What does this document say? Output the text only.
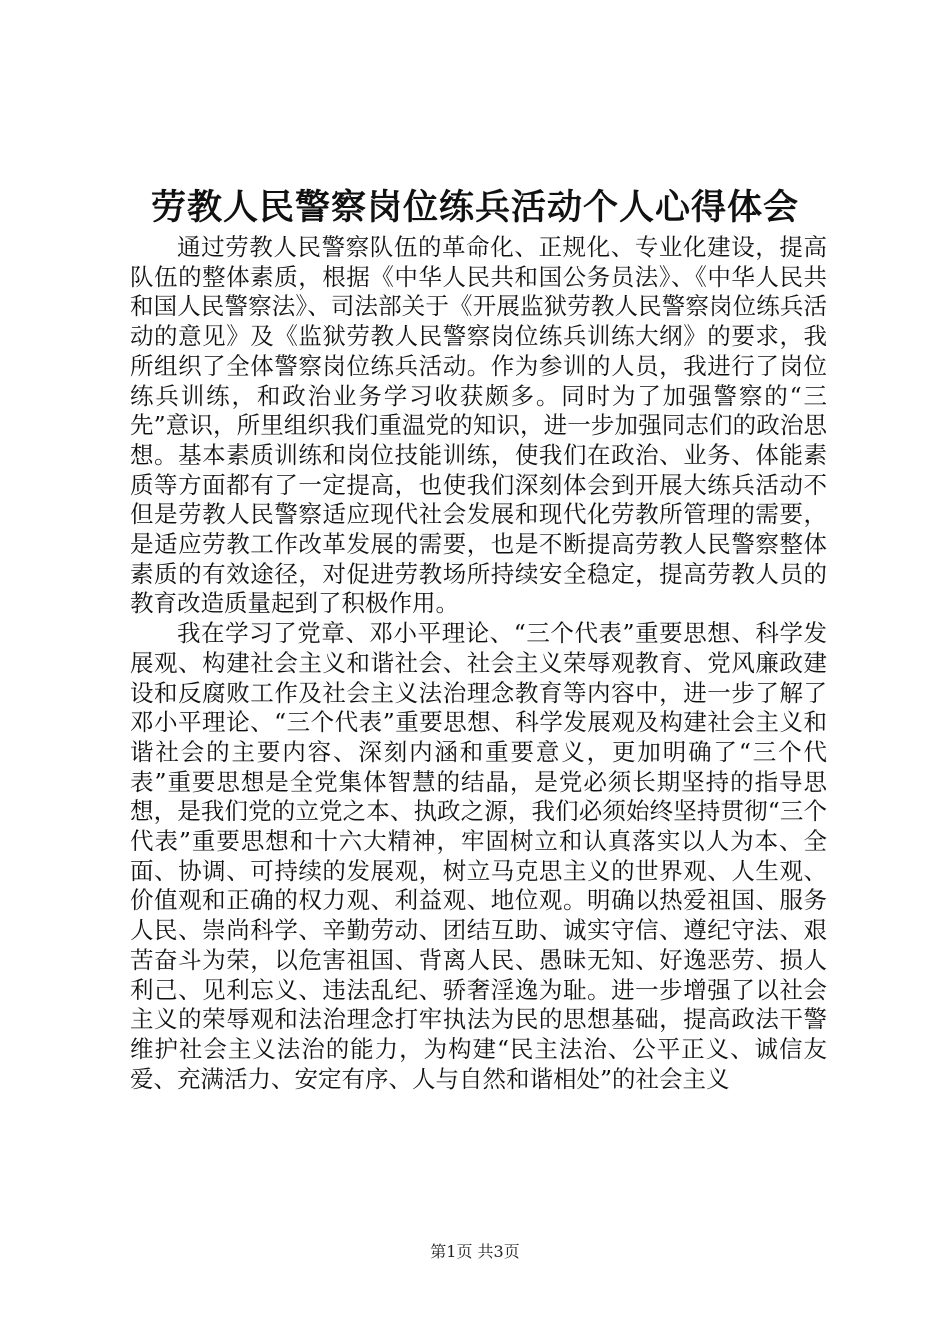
劳教人民警察岗位练兵活动个人心得体会

通过劳教人民警察队伍的革命化、正规化、专业化建设，提高队伍的整体素质，根据《中华人民共和国公务员法》、《中华人民共和国人民警察法》、司法部关于《开展监狱劳教人民警察岗位练兵活动的意见》及《监狱劳教人民警察岗位练兵训练大纲》的要求，我所组织了全体警察岗位练兵活动。作为参训的人员，我进行了岗位练兵训练，和政治业务学习收获颇多。同时为了加强警察的“三先”意识，所里组织我们重温党的知识，进一步加强同志们的政治思想。基本素质训练和岗位技能训练，使我们在政治、业务、体能素质等方面都有了一定提高，也使我们深刻体会到开展大练兵活动不但是劳教人民警察适应现代社会发展和现代化劳教所管理的需要，是适应劳教工作改革发展的需要，也是不断提高劳教人民警察整体素质的有效途径，对促进劳教场所持续安全稳定，提高劳教人员的教育改造质量起到了积极作用。

我在学习了党章、邓小平理论、“三个代表”重要思想、科学发展观、构建社会主义和谐社会、社会主义荣辱观教育、党风廉政建设和反腐败工作及社会主义法治理念教育等内容中，进一步了解了邓小平理论、“三个代表”重要思想、科学发展观及构建社会主义和谐社会的主要内容、深刻内涵和重要意义，更加明确了“三个代表”重要思想是全党集体智慧的结晶，是党必须长期坚持的指导思想，是我们党的立党之本、执政之源，我们必须始终坚持贯彻“三个代表”重要思想和十六大精神，牢固树立和认真落实以人为本、全面、协调、可持续的发展观，树立马克思主义的世界观、人生观、价值观和正确的权力观、利益观、地位观。明确以热爱祖国、服务人民、崇尚科学、辛勤劳动、团结互助、诚实守信、遵纪守法、艰苦奋斗为荣，以危害祖国、背离人民、愚昧无知、好逸恶劳、损人利己、见利忘义、违法乱纪、骄奢淫逸为耻。进一步增强了以社会主义的荣辱观和法治理念打牢执法为民的思想基础，提高政法干警维护社会主义法治的能力，为构建“民主法治、公平正义、诚信友爱、充满活力、安定有序、人与自然和谐相处”的社会主义

第1页 共3页
